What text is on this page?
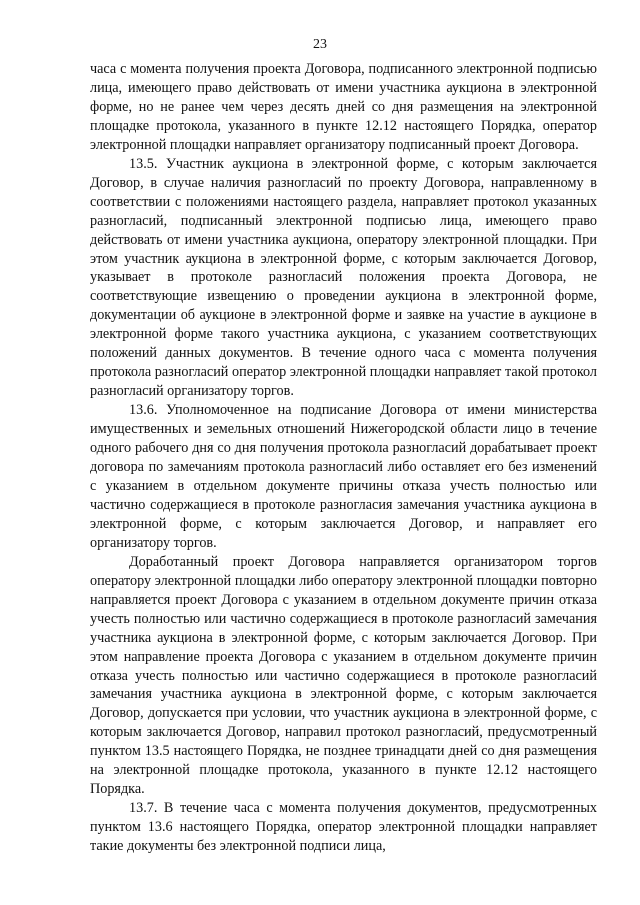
23

часа с момента получения проекта Договора, подписанного электронной подписью лица, имеющего право действовать от имени участника аукциона в электронной форме, но не ранее чем через десять дней со дня размещения на электронной площадке протокола, указанного в пункте 12.12 настоящего Порядка, оператор электронной площадки направляет организатору подписанный проект Договора.

13.5. Участник аукциона в электронной форме, с которым заключается Договор, в случае наличия разногласий по проекту Договора, направленному в соответствии с положениями настоящего раздела, направляет протокол указанных разногласий, подписанный электронной подписью лица, имеющего право действовать от имени участника аукциона, оператору электронной площадки. При этом участник аукциона в электронной форме, с которым заключается Договор, указывает в протоколе разногласий положения проекта Договора, не соответствующие извещению о проведении аукциона в электронной форме, документации об аукционе в электронной форме и заявке на участие в аукционе в электронной форме такого участника аукциона, с указанием соответствующих положений данных документов. В течение одного часа с момента получения протокола разногласий оператор электронной площадки направляет такой протокол разногласий организатору торгов.

13.6. Уполномоченное на подписание Договора от имени министерства имущественных и земельных отношений Нижегородской области лицо в течение одного рабочего дня со дня получения протокола разногласий дорабатывает проект договора по замечаниям протокола разногласий либо оставляет его без изменений с указанием в отдельном документе причины отказа учесть полностью или частично содержащиеся в протоколе разногласия замечания участника аукциона в электронной форме, с которым заключается Договор, и направляет его организатору торгов.

Доработанный проект Договора направляется организатором торгов оператору электронной площадки либо оператору электронной площадки повторно направляется проект Договора с указанием в отдельном документе причин отказа учесть полностью или частично содержащиеся в протоколе разногласий замечания участника аукциона в электронной форме, с которым заключается Договор. При этом направление проекта Договора с указанием в отдельном документе причин отказа учесть полностью или частично содержащиеся в протоколе разногласий замечания участника аукциона в электронной форме, с которым заключается Договор, допускается при условии, что участник аукциона в электронной форме, с которым заключается Договор, направил протокол разногласий, предусмотренный пунктом 13.5 настоящего Порядка, не позднее тринадцати дней со дня размещения на электронной площадке протокола, указанного в пункте 12.12 настоящего Порядка.

13.7. В течение часа с момента получения документов, предусмотренных пунктом 13.6 настоящего Порядка, оператор электронной площадки направляет такие документы без электронной подписи лица,
